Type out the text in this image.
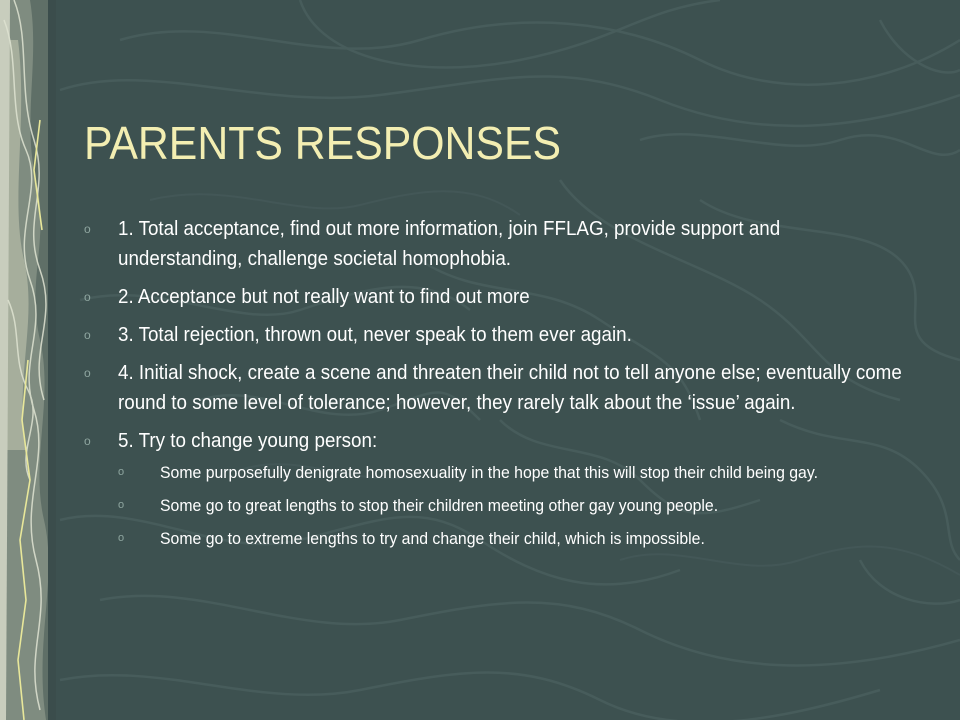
PARENTS RESPONSES
o 1. Total acceptance, find out more information, join FFLAG, provide support and understanding, challenge societal homophobia.
o 2. Acceptance but not really want to find out more
o 3. Total rejection, thrown out, never speak to them ever again.
o 4. Initial shock, create a scene and threaten their child not to tell anyone else; eventually come round to some level of tolerance; however, they rarely talk about the ‘issue’ again.
o 5. Try to change young person:
o Some purposefully denigrate homosexuality in the hope that this will stop their child being gay.
o Some go to great lengths to stop their children meeting other gay young people.
o Some go to extreme lengths to try and change their child, which is impossible.
